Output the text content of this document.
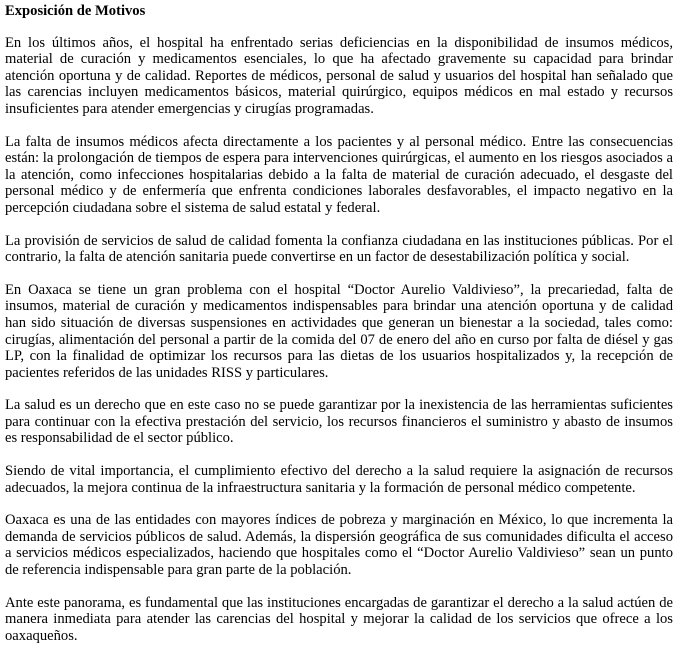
Exposición de Motivos

En los últimos años, el hospital ha enfrentado serias deficiencias en la disponibilidad de insumos médicos, material de curación y medicamentos esenciales, lo que ha afectado gravemente su capacidad para brindar atención oportuna y de calidad. Reportes de médicos, personal de salud y usuarios del hospital han señalado que las carencias incluyen medicamentos básicos, material quirúrgico, equipos médicos en mal estado y recursos insuficientes para atender emergencias y cirugías programadas.

La falta de insumos médicos afecta directamente a los pacientes y al personal médico. Entre las consecuencias están: la prolongación de tiempos de espera para intervenciones quirúrgicas, el aumento en los riesgos asociados a la atención, como infecciones hospitalarias debido a la falta de material de curación adecuado, el desgaste del personal médico y de enfermería que enfrenta condiciones laborales desfavorables, el impacto negativo en la percepción ciudadana sobre el sistema de salud estatal y federal.

La provisión de servicios de salud de calidad fomenta la confianza ciudadana en las instituciones públicas. Por el contrario, la falta de atención sanitaria puede convertirse en un factor de desestabilización política y social.

En Oaxaca se tiene un gran problema con el hospital “Doctor Aurelio Valdivieso”, la precariedad, falta de insumos, material de curación y medicamentos indispensables para brindar una atención oportuna y de calidad han sido situación de diversas suspensiones en actividades que generan un bienestar a la sociedad, tales como: cirugías, alimentación del personal a partir de la comida del 07 de enero del año en curso por falta de diésel y gas LP, con la finalidad de optimizar los recursos para las dietas de los usuarios hospitalizados y, la recepción de pacientes referidos de las unidades RISS y particulares.

La salud es un derecho que en este caso no se puede garantizar por la inexistencia de las herramientas suficientes para continuar con la efectiva prestación del servicio, los recursos financieros el suministro y abasto de insumos es responsabilidad de el sector público.

Siendo de vital importancia, el cumplimiento efectivo del derecho a la salud requiere la asignación de recursos adecuados, la mejora continua de la infraestructura sanitaria y la formación de personal médico competente.

Oaxaca es una de las entidades con mayores índices de pobreza y marginación en México, lo que incrementa la demanda de servicios públicos de salud. Además, la dispersión geográfica de sus comunidades dificulta el acceso a servicios médicos especializados, haciendo que hospitales como el “Doctor Aurelio Valdivieso” sean un punto de referencia indispensable para gran parte de la población.

Ante este panorama, es fundamental que las instituciones encargadas de garantizar el derecho a la salud actúen de manera inmediata para atender las carencias del hospital y mejorar la calidad de los servicios que ofrece a los oaxaqueños.
